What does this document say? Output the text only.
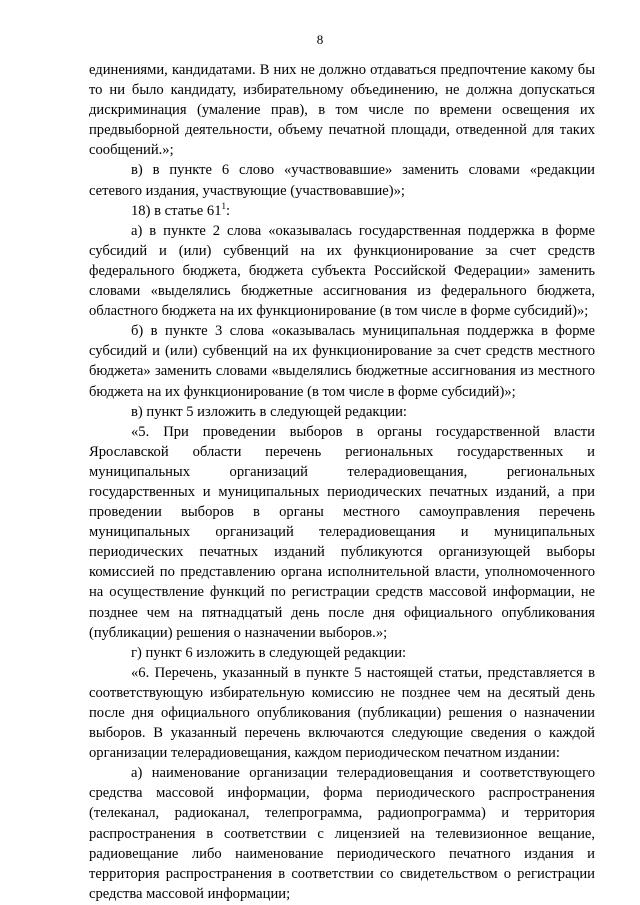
8

единениями, кандидатами. В них не должно отдаваться предпочтение какому бы то ни было кандидату, избирательному объединению, не должна допускаться дискриминация (умаление прав), в том числе по времени освещения их предвыборной деятельности, объему печатной площади, отведенной для таких сообщений.»;

в) в пункте 6 слово «участвовавшие» заменить словами «редакции сетевого издания, участвующие (участвовавшие)»;

18) в статье $61^1$:

а) в пункте 2 слова «оказывалась государственная поддержка в форме субсидий и (или) субвенций на их функционирование за счет средств федерального бюджета, бюджета субъекта Российской Федерации» заменить словами «выделялись бюджетные ассигнования из федерального бюджета, областного бюджета на их функционирование (в том числе в форме субсидий)»;

б) в пункте 3 слова «оказывалась муниципальная поддержка в форме субсидий и (или) субвенций на их функционирование за счет средств местного бюджета» заменить словами «выделялись бюджетные ассигнования из местного бюджета на их функционирование (в том числе в форме субсидий)»;

в) пункт 5 изложить в следующей редакции:

«5. При проведении выборов в органы государственной власти Ярославской области перечень региональных государственных и муниципальных организаций телерадиовещания, региональных государственных и муниципальных периодических печатных изданий, а при проведении выборов в органы местного самоуправления перечень муниципальных организаций телерадиовещания и муниципальных периодических печатных изданий публикуются организующей выборы комиссией по представлению органа исполнительной власти, уполномоченного на осуществление функций по регистрации средств массовой информации, не позднее чем на пятнадцатый день после дня официального опубликования (публикации) решения о назначении выборов.»;

г) пункт 6 изложить в следующей редакции:

«6. Перечень, указанный в пункте 5 настоящей статьи, представляется в соответствующую избирательную комиссию не позднее чем на десятый день после дня официального опубликования (публикации) решения о назначении выборов. В указанный перечень включаются следующие сведения о каждой организации телерадиовещания, каждом периодическом печатном издании:

а) наименование организации телерадиовещания и соответствующего средства массовой информации, форма периодического распространения (телеканал, радиоканал, телепрограмма, радиопрограмма) и территория распространения в соответствии с лицензией на телевизионное вещание, радиовещание либо наименование периодического печатного издания и территория распространения в соответствии со свидетельством о регистрации средства массовой информации;
